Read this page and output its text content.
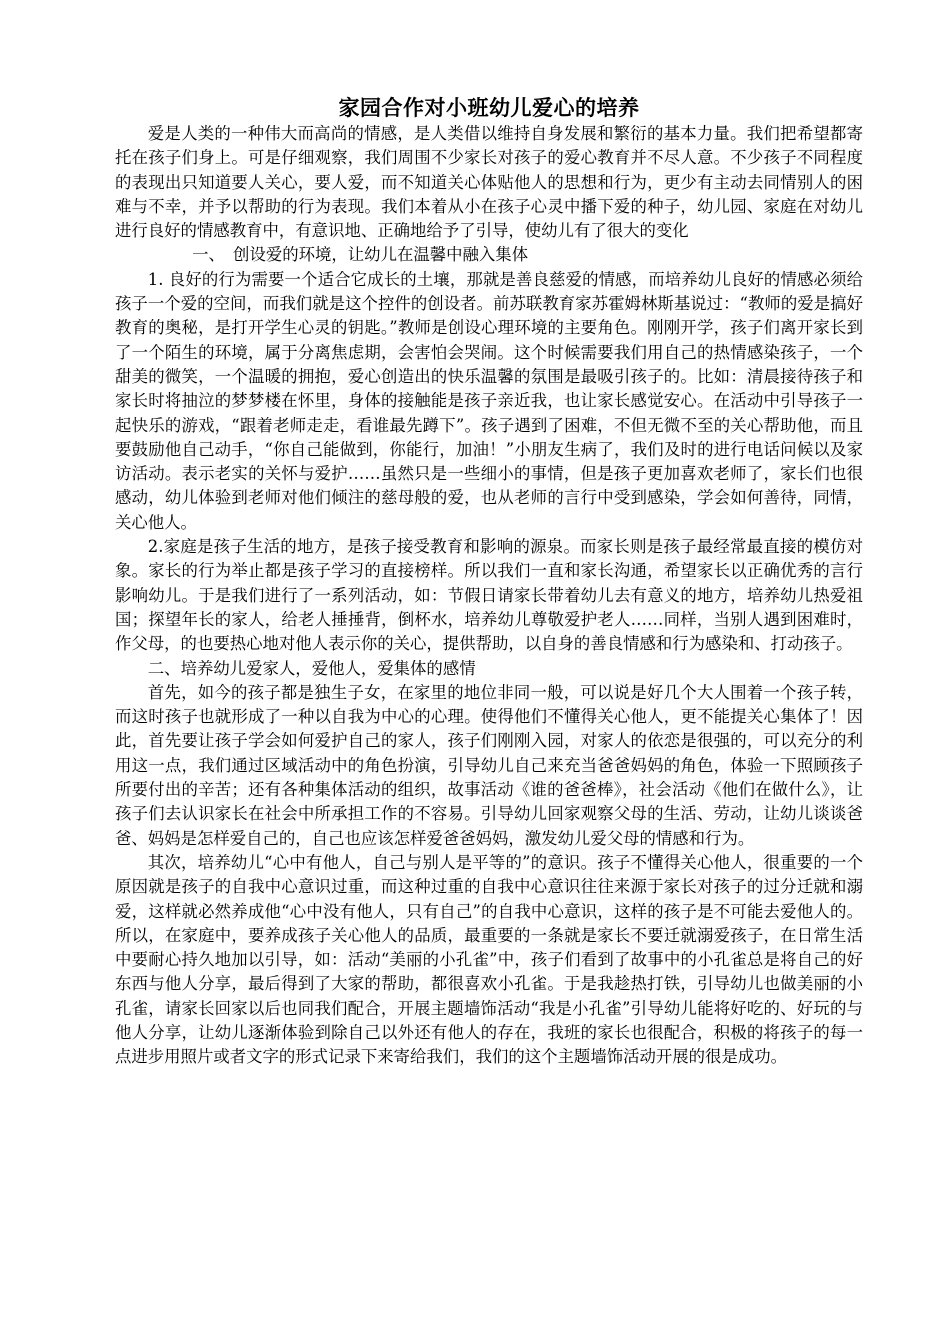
家园合作对小班幼儿爱心的培养

爱是人类的一种伟大而高尚的情感，是人类借以维持自身发展和繁衍的基本力量。我们把希望都寄托在孩子们身上。可是仔细观察，我们周围不少家长对孩子的爱心教育并不尽人意。不少孩子不同程度的表现出只知道要人关心，要人爱，而不知道关心体贴他人的思想和行为，更少有主动去同情别人的困难与不幸，并予以帮助的行为表现。我们本着从小在孩子心灵中播下爱的种子，幼儿园、家庭在对幼儿进行良好的情感教育中，有意识地、正确地给予了引导，使幼儿有了很大的变化

一、　创设爱的环境，让幼儿在温馨中融入集体

1. 良好的行为需要一个适合它成长的土壤，那就是善良慈爱的情感，而培养幼儿良好的情感必须给孩子一个爱的空间，而我们就是这个控件的创设者。前苏联教育家苏霍姆林斯基说过：“教师的爱是搞好教育的奥秘，是打开学生心灵的钥匙。”教师是创设心理环境的主要角色。刚刚开学，孩子们离开家长到了一个陌生的环境，属于分离焦虑期，会害怕会哭闹。这个时候需要我们用自己的热情感染孩子，一个甜美的微笑，一个温暖的拥抱，爱心创造出的快乐温馨的氛围是最吸引孩子的。比如：清晨接待孩子和家长时将抽泣的梦梦楼在怀里，身体的接触能是孩子亲近我，也让家长感觉安心。在活动中引导孩子一起快乐的游戏，“跟着老师走走，看谁最先蹲下”。孩子遇到了困难，不但无微不至的关心帮助他，而且要鼓励他自己动手，“你自己能做到，你能行，加油！”小朋友生病了，我们及时的进行电话问候以及家访活动。表示老实的关怀与爱护……虽然只是一些细小的事情，但是孩子更加喜欢老师了，家长们也很感动，幼儿体验到老师对他们倾注的慈母般的爱，也从老师的言行中受到感染，学会如何善待，同情，关心他人。

2.家庭是孩子生活的地方，是孩子接受教育和影响的源泉。而家长则是孩子最经常最直接的模仿对象。家长的行为举止都是孩子学习的直接榜样。所以我们一直和家长沟通，希望家长以正确优秀的言行影响幼儿。于是我们进行了一系列活动，如：节假日请家长带着幼儿去有意义的地方，培养幼儿热爱祖国；探望年长的家人，给老人捶捶背，倒杯水，培养幼儿尊敬爱护老人……同样，当别人遇到困难时，作父母，的也要热心地对他人表示你的关心，提供帮助，以自身的善良情感和行为感染和、打动孩子。

二、培养幼儿爱家人，爱他人，爱集体的感情

首先，如今的孩子都是独生子女，在家里的地位非同一般，可以说是好几个大人围着一个孩子转，而这时孩子也就形成了一种以自我为中心的心理。使得他们不懂得关心他人，更不能提关心集体了！因此，首先要让孩子学会如何爱护自己的家人，孩子们刚刚入园，对家人的依恋是很强的，可以充分的利用这一点，我们通过区域活动中的角色扮演，引导幼儿自己来充当爸爸妈妈的角色，体验一下照顾孩子所要付出的辛苦；还有各种集体活动的组织，故事活动《谁的爸爸棒》，社会活动《他们在做什么》，让孩子们去认识家长在社会中所承担工作的不容易。引导幼儿回家观察父母的生活、劳动，让幼儿谈谈爸爸、妈妈是怎样爱自己的，自己也应该怎样爱爸爸妈妈，激发幼儿爱父母的情感和行为。

其次，培养幼儿“心中有他人，自己与别人是平等的”的意识。孩子不懂得关心他人，很重要的一个原因就是孩子的自我中心意识过重，而这种过重的自我中心意识往往来源于家长对孩子的过分迁就和溺爱，这样就必然养成他“心中没有他人，只有自己”的自我中心意识，这样的孩子是不可能去爱他人的。所以，在家庭中，要养成孩子关心他人的品质，最重要的一条就是家长不要迁就溺爱孩子，在日常生活中要耐心持久地加以引导，如：活动“美丽的小孔雀”中，孩子们看到了故事中的小孔雀总是将自己的好东西与他人分享，最后得到了大家的帮助，都很喜欢小孔雀。于是我趁热打铁，引导幼儿也做美丽的小孔雀，请家长回家以后也同我们配合，开展主题墙饰活动“我是小孔雀”引导幼儿能将好吃的、好玩的与他人分享，让幼儿逐渐体验到除自己以外还有他人的存在，我班的家长也很配合，积极的将孩子的每一点进步用照片或者文字的形式记录下来寄给我们，我们的这个主题墙饰活动开展的很是成功。
